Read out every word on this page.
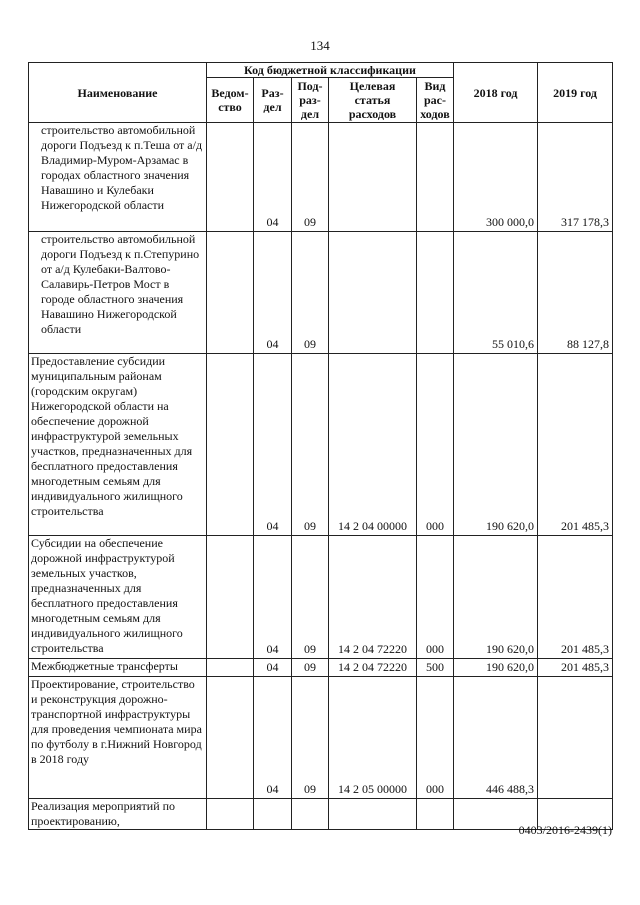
134
Наименование	Код бюджетной классификации					2018 год	2019 год
	Ведом-ство	Раз-дел	Под-раз-дел	Целевая статья расходов	Вид рас-ходов		

строительство автомобильной дороги Подъезд к п.Теша от а/д Владимир-Муром-Арзамас в городах областного значения Навашино и Кулебаки Нижегородской области		04	09			300 000,0	317 178,3

строительство автомобильной дороги Подъезд к п.Степурино от а/д Кулебаки-Валтово-Салавирь-Петров Мост в городе областного значения Навашино Нижегородской области		04	09			55 010,6	88 127,8

Предоставление субсидии муниципальным районам (городским округам) Нижегородской области на обеспечение дорожной инфраструктурой земельных участков, предназначенных для бесплатного предоставления многодетным семьям для индивидуального жилищного строительства		04	09	14 2 04 00000	000	190 620,0	201 485,3

Субсидии на обеспечение дорожной инфраструктурой земельных участков, предназначенных для бесплатного предоставления многодетным семьям для индивидуального жилищного строительства		04	09	14 2 04 72220	000	190 620,0	201 485,3

Межбюджетные трансферты		04	09	14 2 04 72220	500	190 620,0	201 485,3

Проектирование, строительство и реконструкция дорожно-транспортной инфраструктуры для проведения чемпионата мира по футболу в г.Нижний Новгород в 2018 году		04	09	14 2 05 00000	000	446 488,3	

Реализация мероприятий по проектированию,							

0403/2016-2439(1)
